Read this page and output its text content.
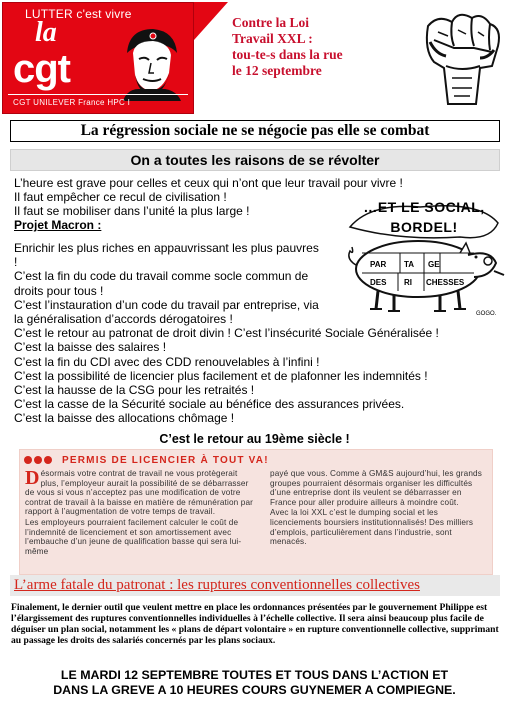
LUTTER c'est vivre
la
cgt
CGT UNILEVER France HPC I
Contre la Loi
Travail XXL :
tou-te-s dans la rue
le 12 septembre
La régression sociale ne se négocie pas elle se combat
On a toutes les raisons de se révolter
L’heure est grave pour celles et ceux qui n’ont que leur travail pour vivre !
Il faut empêcher ce recul de civilisation !
Il faut se mobiliser dans l’unité la plus large !
Projet Macron :
PAR TA GE
DES RI CHESSES
GOGO.
…ET LE SOCIAL, BORDEL!
Enrichir les plus riches en appauvrissant les plus pauvres !
C’est la fin du code du travail comme socle commun de droits pour tous !
C’est l’instauration d’un code du travail par entreprise, via la généralisation d’accords dérogatoires !
C’est le retour au patronat de droit divin ! C’est l’insécurité Sociale Généralisée !
C’est la baisse des salaires !
C’est la fin du CDI avec des CDD renouvelables à l’infini !
C’est la possibilité de licencier plus facilement et de plafonner les indemnités !
C’est la hausse de la CSG pour les retraités !
C’est la casse de la Sécurité sociale au bénéfice des assurances privées.
C’est la baisse des allocations chômage !
C’est le retour au 19ème siècle !
PERMIS DE LICENCIER À TOUT VA!

Désormais votre contrat de travail ne vous protègerait plus, l’employeur aurait la possibilité de se débarrasser de vous si vous n’acceptez pas une modification de votre contrat de travail à la baisse en matière de rémunération par rapport à l’augmentation de votre temps de travail.

Les employeurs pourraient facilement calculer le coût de l’indemnité de licenciement et son amortissement avec l’embauche d’un jeune de qualification basse qui sera lui-même

payé que vous. Comme à GM&S aujourd’hui, les grands groupes pourraient désormais organiser les difficultés d’une entreprise dont ils veulent se débarrasser en France pour aller produire ailleurs à moindre coût.

Avec la loi XXL c’est le dumping social et les licenciements boursiers institutionnalisés! Des milliers d’emplois, particulièrement dans l’industrie, sont menacés.

L’arme fatale du patronat : les ruptures conventionnelles collectives
Finalement, le dernier outil que veulent mettre en place les ordonnances présentées par le gouvernement Philippe est l’élargissement des ruptures conventionnelles individuelles à l’échelle collective. Il sera ainsi beaucoup plus facile de déguiser un plan social, notamment les « plans de départ volontaire » en rupture conventionnelle collective, supprimant au passage les droits des salariés concernés par les plans sociaux.
LE MARDI 12 SEPTEMBRE TOUTES ET TOUS DANS L’ACTION ET
DANS LA GREVE A 10 HEURES COURS GUYNEMER A COMPIEGNE.
